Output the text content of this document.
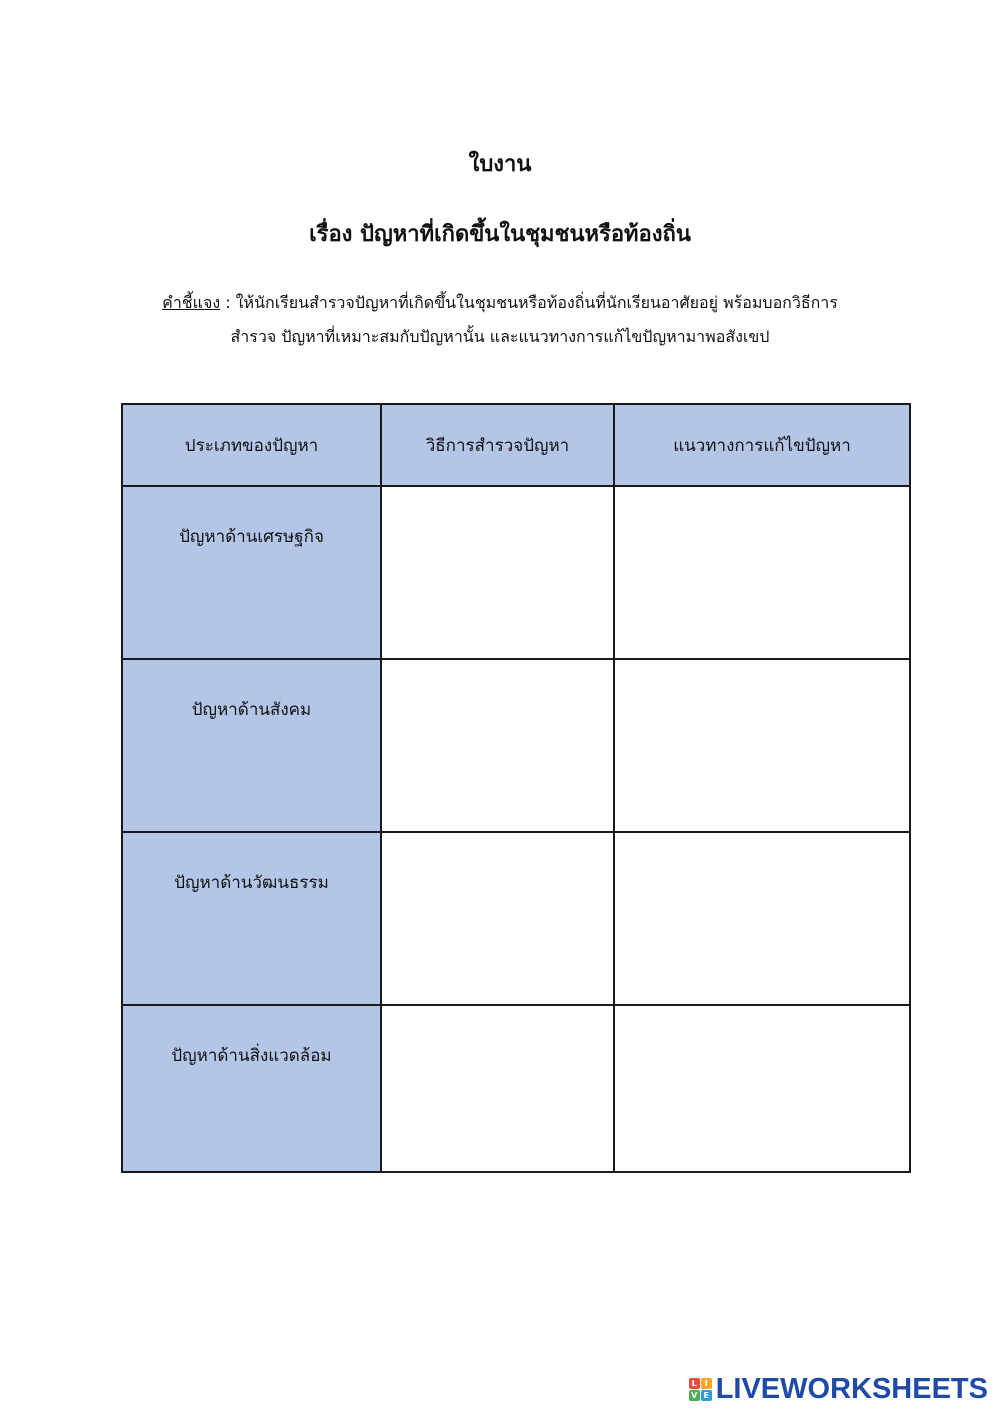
ใบงาน
เรื่อง ปัญหาที่เกิดขึ้นในชุมชนหรือท้องถิ่น
คำชี้แจง : ให้นักเรียนสำรวจปัญหาที่เกิดขึ้นในชุมชนหรือท้องถิ่นที่นักเรียนอาศัยอยู่ พร้อมบอกวิธีการ
สำรวจ ปัญหาที่เหมาะสมกับปัญหานั้น และแนวทางการแก้ไขปัญหามาพอสังเขป
ประเภทของปัญหา	วิธีการสำรวจปัญหา	แนวทางการแก้ไขปัญหา
ปัญหาด้านเศรษฐกิจ		
ปัญหาด้านสังคม		
ปัญหาด้านวัฒนธรรม		
ปัญหาด้านสิ่งแวดล้อม		
L I
V E LIVEWORKSHEETS
